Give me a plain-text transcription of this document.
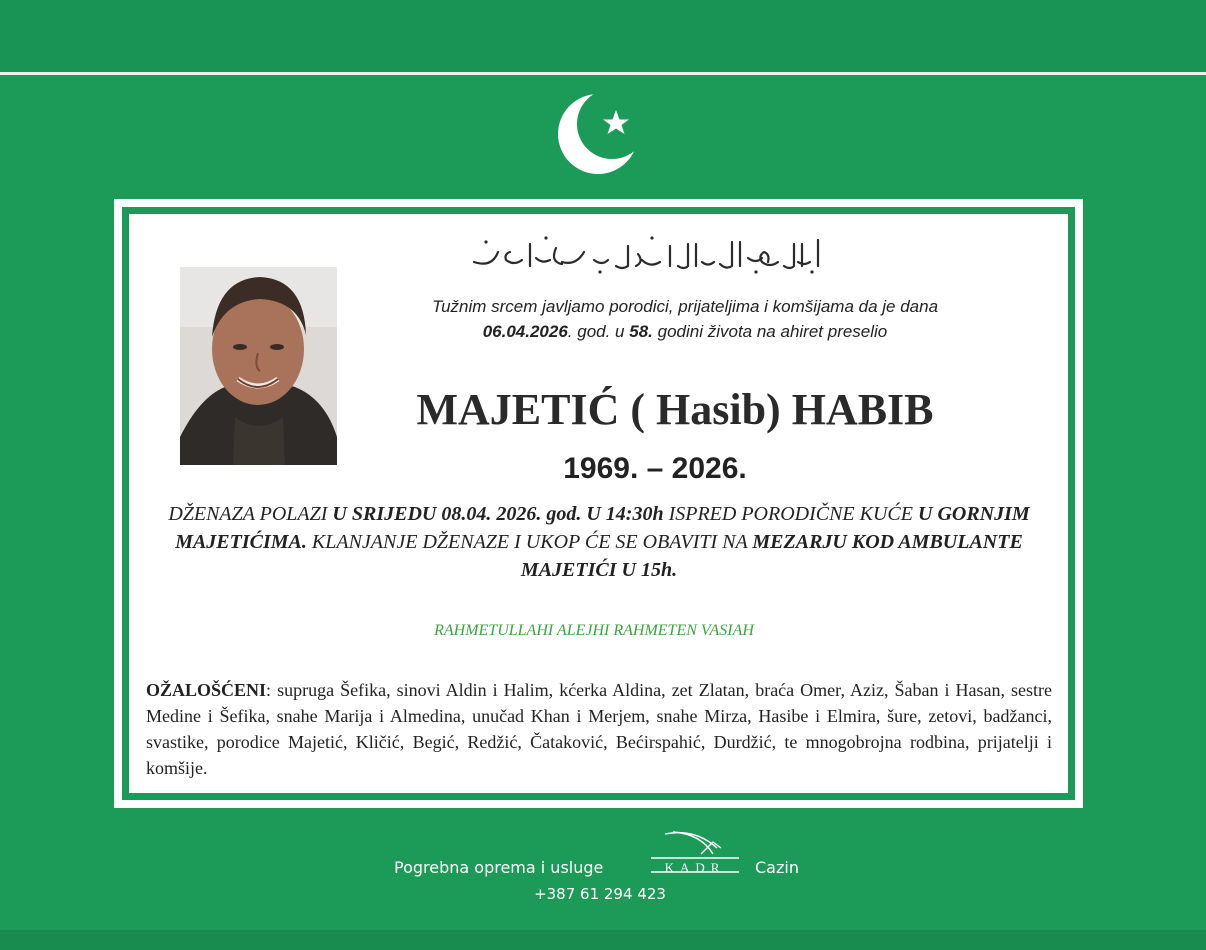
Tužnim srcem javljamo porodici, prijateljima i komšijama da je dana
06.04.2026. god. u 58. godini života na ahiret preselio
MAJETIĆ ( Hasib) HABIB
1969. – 2026.
DŽENAZA POLAZI U SRIJEDU 08.04. 2026. god. U 14:30h ISPRED PORODIČNE KUĆE U GORNJIM MAJETIĆIMA. KLANJANJE DŽENAZE I UKOP ĆE SE OBAVITI NA MEZARJU KOD AMBULANTE MAJETIĆI U 15h.
RAHMETULLAHI ALEJHI RAHMETEN VASIAH
OŽALOŠĆENI: supruga Šefika, sinovi Aldin i Halim, kćerka Aldina, zet Zlatan, braća Omer, Aziz, Šaban i Hasan, sestre Medine i Šefika, snahe Marija i Almedina, unučad Khan i Merjem, snahe Mirza, Hasibe i Elmira, šure, zetovi, badžanci, svastike, porodice Majetić, Kličić, Begić, Redžić, Čataković, Bećirspahić, Durdžić, te mnogobrojna rodbina, prijatelji i komšije.
Pogrebna oprema i usluge	KADR	Cazin
+387 61 294 423
